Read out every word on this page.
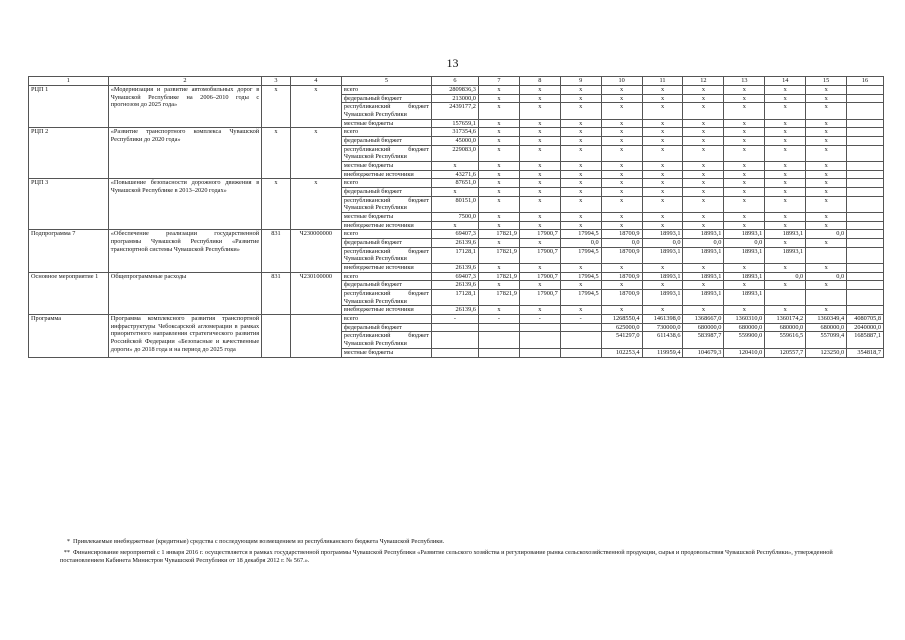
13
1	2	3	4	5	6	7	8	9	10	11	12	13	14	15	16
РЦП 1	«Модернизация и развитие автомобильных дорог в Чувашской Республике на 2006–2010 годы с прогнозом до 2025 года»	х	х	всего	2809836,3	х	х	х	х	х	х	х	х	х	
				федеральный бюджет	213000,0	х	х	х	х	х	х	х	х	х	
				республиканский бюджет Чувашской Республики	2439177,2	х	х	х	х	х	х	х	х	х	
				местные бюджеты	157659,1	х	х	х	х	х	х	х	х	х	
РЦП 2	«Развитие транспортного комплекса Чувашской Республики до 2020 года»	х	х	всего	317354,6	х	х	х	х	х	х	х	х	х	
				федеральный бюджет	45000,0	х	х	х	х	х	х	х	х	х	
				республиканский бюджет Чувашской Республики	229083,0	х	х	х	х	х	х	х	х	х	
				местные бюджеты	х	х	х	х	х	х	х	х	х	х	
				внебюджетные источники	43271,6	х	х	х	х	х	х	х	х	х	
РЦП 3	«Повышение безопасности дорожного движения в Чувашской Республике в 2013–2020 годах»	х	х	всего	87651,0	х	х	х	х	х	х	х	х	х	
				федеральный бюджет	х	х	х	х	х	х	х	х	х	х	
				республиканский бюджет Чувашской Республики	80151,0	х	х	х	х	х	х	х	х	х	
				местные бюджеты	7500,0	х	х	х	х	х	х	х	х	х	
				внебюджетные источники	х	х	х	х	х	х	х	х	х	х	
Подпрограмма 7	«Обеспечение реализации государственной программы Чувашской Республики «Развитие транспортной системы Чувашской Республики»	831	Ч230000000	всего	69407,3	17821,9	17900,7	17994,5	18700,9	18993,1	18993,1	18993,1	18993,1	0,0	
				федеральный бюджет	26139,6	х	х	0,0	0,0	0,0	0,0	0,0	х	х	
				республиканский бюджет Чувашской Республики	17128,1	17821,9	17900,7	17994,5	18700,9	18993,1	18993,1	18993,1	18993,1		
				внебюджетные источники	26139,6	х	х	х	х	х	х	х	х	х	
Основное мероприятие 1	Общепрограммные расходы	831	Ч230100000	всего	69407,3	17821,9	17900,7	17994,5	18700,9	18993,1	18993,1	18993,1	0,0	0,0	
				федеральный бюджет	26139,6	х	х	х	х	х	х	х	х	х	
				республиканский бюджет Чувашской Республики	17128,1	17821,9	17900,7	17994,5	18700,9	18993,1	18993,1	18993,1			
				внебюджетные источники	26139,6	х	х	х	х	х	х	х	х	х	
Программа	Программа комплексного развития транспортной инфраструктуры Чебоксарской агломерации в рамках приоритетного направления стратегического развития Российской Федерации «Безопасные и качественные дороги» до 2018 года и на период до 2025 года			всего	-	-	-	-	1268550,4	1461398,0	1368667,0	1360310,0	1360174,2	1360349,4	4080705,8
				федеральный бюджет					625000,0	730000,0	680000,0	680000,0	680000,0	680000,0	2040000,0
				республиканский бюджет Чувашской Республики					541297,0	611438,6	583987,7	559900,0	559616,5	557099,4	1685887,1
				местные бюджеты					102253,4	119959,4	104679,3	120410,0	120557,7	123250,0	354818,7
* Привлекаемые внебюджетные (кредитные) средства с последующим возмещением из республиканского бюджета Чувашской Республики.
** Финансирование мероприятий с 1 января 2016 г. осуществляется в рамках государственной программы Чувашской Республики «Развитие сельского хозяйства и регулирование рынка сельскохозяйственной продукции, сырья и продовольствия Чувашской Республики», утвержденной постановлением Кабинета Министров Чувашской Республики от 18 декабря 2012 г. № 567.».
